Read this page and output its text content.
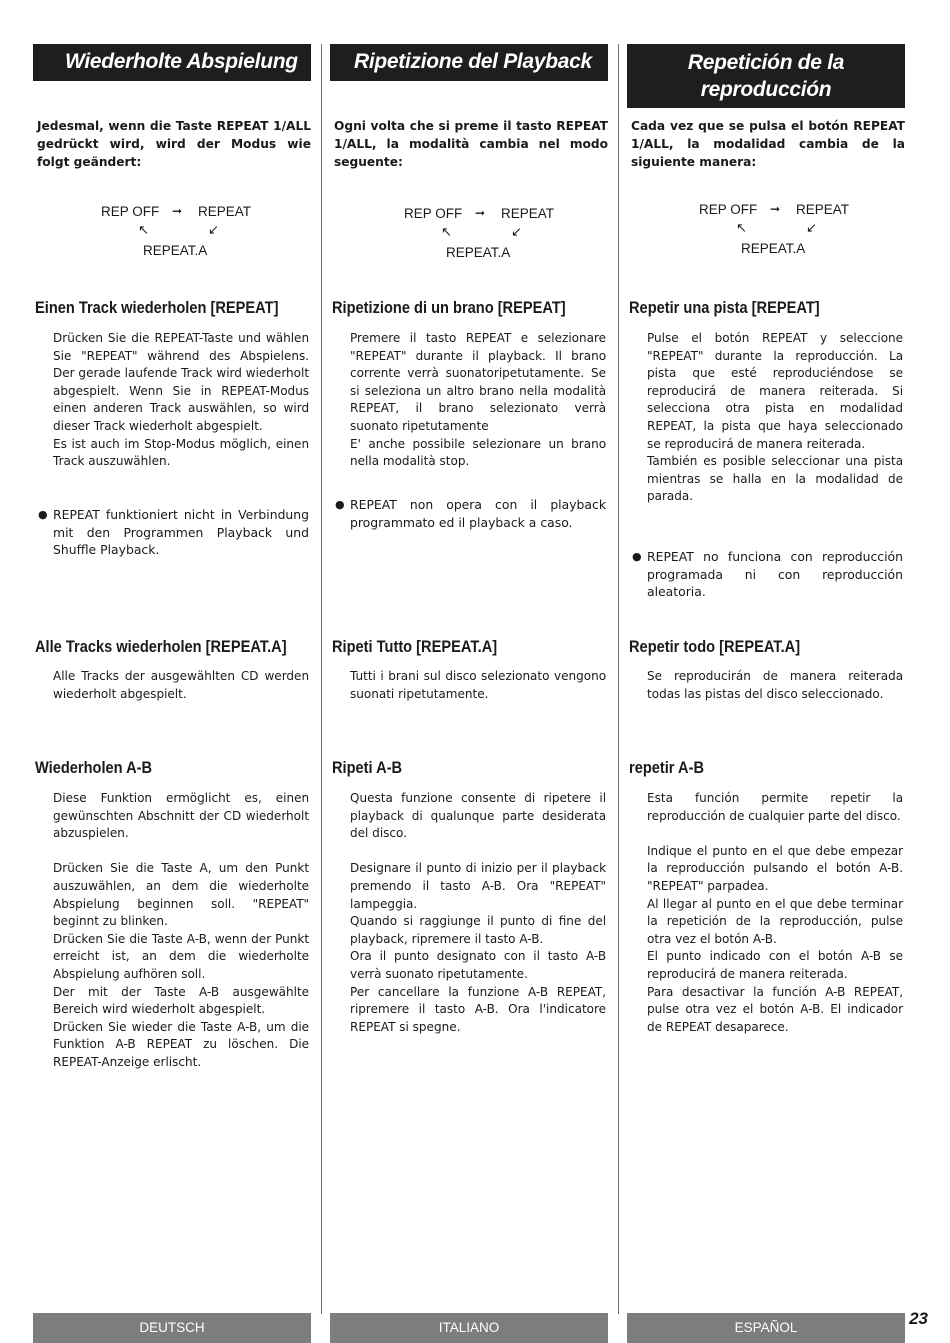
Wiederholte Abspielung
Jedesmal, wenn die Taste REPEAT 1/ALL gedrückt wird, wird der Modus wie folgt geändert:
REP OFF ➞ REPEAT
↖	↙
REPEAT.A
Einen Track wiederholen [REPEAT]

Drücken Sie die REPEAT-Taste und wählen Sie "REPEAT" während des Abspielens. Der gerade laufende Track wird wiederholt abgespielt. Wenn Sie in REPEAT-Modus einen anderen Track auswählen, so wird dieser Track wiederholt abgespielt.

Es ist auch im Stop-Modus möglich, einen Track auszuwählen.

● REPEAT funktioniert nicht in Verbindung mit den Programmen Playback und Shuffle Playback.
Alle Tracks wiederholen [REPEAT.A]
Alle Tracks der ausgewählten CD werden wiederholt abgespielt.
Wiederholen A-B

Diese Funktion ermöglicht es, einen gewünschten Abschnitt der CD wiederholt abzuspielen.

Drücken Sie die Taste A, um den Punkt auszuwählen, an dem die wiederholte Abspielung beginnen soll. "REPEAT" beginnt zu blinken.

Drücken Sie die Taste A-B, wenn der Punkt erreicht ist, an dem die wiederholte Abspielung aufhören soll.

Der mit der Taste A-B ausgewählte Bereich wird wiederholt abgespielt.

Drücken Sie wieder die Taste A-B, um die Funktion A-B REPEAT zu löschen. Die REPEAT-Anzeige erlischt.

DEUTSCH
Ripetizione del Playback
Ogni volta che si preme il tasto REPEAT 1/ALL, la modalità cambia nel modo seguente:
REP OFF ➞ REPEAT
↖	↙
REPEAT.A
Ripetizione di un brano [REPEAT]

Premere il tasto REPEAT e selezionare "REPEAT" durante il playback. Il brano corrente verrà suonatoripetutamente. Se si seleziona un altro brano nella modalità REPEAT, il brano selezionato verrà suonato ripetutamente

E' anche possibile selezionare un brano nella modalità stop.

● REPEAT non opera con il playback programmato ed il playback a caso.
Ripeti Tutto [REPEAT.A]
Tutti i brani sul disco selezionato vengono suonati ripetutamente.
Ripeti A-B

Questa funzione consente di ripetere il playback di qualunque parte desiderata del disco.

Designare il punto di inizio per il playback premendo il tasto A-B. Ora "REPEAT" lampeggia.

Quando si raggiunge il punto di fine del playback, ripremere il tasto A-B.

Ora il punto designato con il tasto A-B verrà suonato ripetutamente.

Per cancellare la funzione A-B REPEAT, ripremere il tasto A-B. Ora l'indicatore REPEAT si spegne.

ITALIANO
Repetición de la
reproducción
Cada vez que se pulsa el botón REPEAT 1/ALL, la modalidad cambia de la siguiente manera:
REP OFF ➞ REPEAT
↖	↙
REPEAT.A
Repetir una pista [REPEAT]

Pulse el botón REPEAT y seleccione "REPEAT" durante la reproducción. La pista que esté reproduciéndose se reproducirá de manera reiterada. Si selecciona otra pista en modalidad REPEAT, la pista que haya seleccionado se reproducirá de manera reiterada.

También es posible seleccionar una pista mientras se halla en la modalidad de parada.

● REPEAT no funciona con reproducción programada ni con reproducción aleatoria.
Repetir todo [REPEAT.A]
Se reproducirán de manera reiterada todas las pistas del disco seleccionado.
repetir A-B

Esta función permite repetir la reproducción de cualquier parte del disco.

Indique el punto en el que debe empezar la reproducción pulsando el botón A-B. "REPEAT" parpadea.

Al llegar al punto en el que debe terminar la repetición de la reproducción, pulse otra vez el botón A-B.

El punto indicado con el botón A-B se reproducirá de manera reiterada.

Para desactivar la función A-B REPEAT, pulse otra vez el botón A-B. El indicador de REPEAT desaparece.

ESPAÑOL	23
